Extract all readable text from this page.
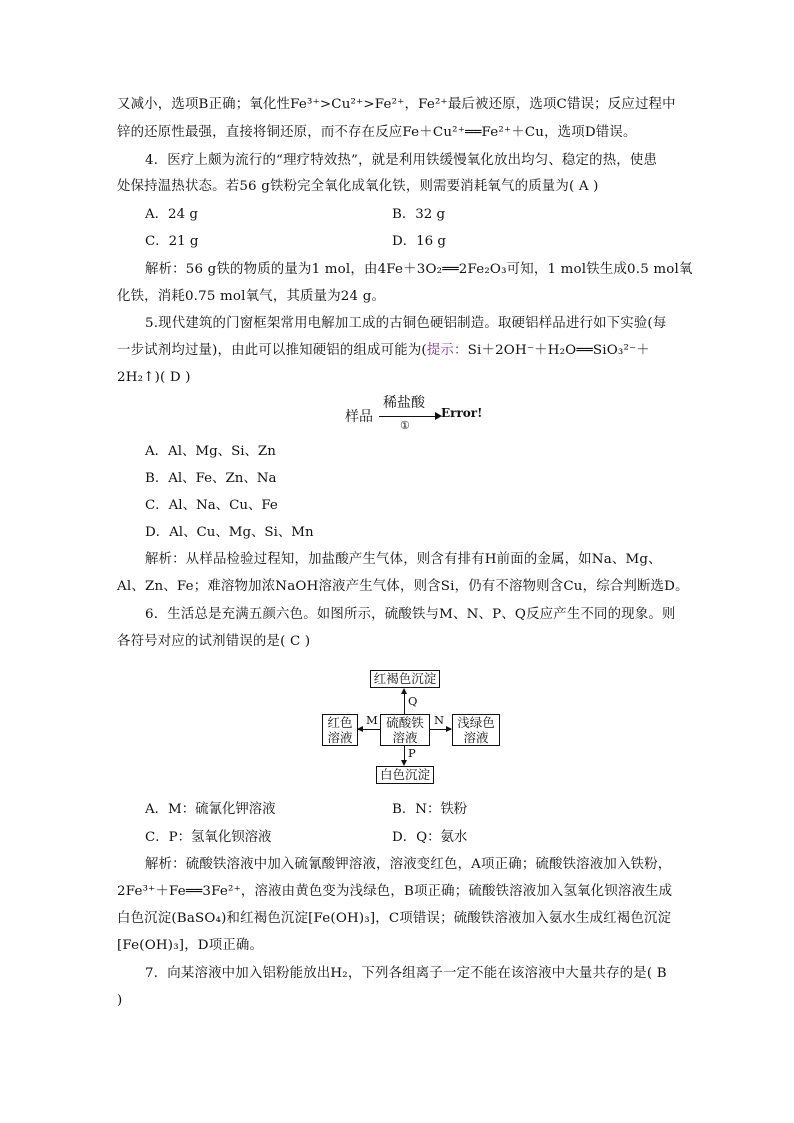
又减小，选项B正确；氧化性Fe³⁺>Cu²⁺>Fe²⁺，Fe²⁺最后被还原，选项C错误；反应过程中
锌的还原性最强，直接将铜还原，而不存在反应Fe＋Cu²⁺══Fe²⁺＋Cu，选项D错误。
4．医疗上颇为流行的“理疗特效热”，就是利用铁缓慢氧化放出均匀、稳定的热，使患
处保持温热状态。若56 g铁粉完全氧化成氧化铁，则需要消耗氧气的质量为( A )
A．24 g	B．32 g
C．21 g	D．16 g
解析：56 g铁的物质的量为1 mol，由4Fe＋3O₂══2Fe₂O₃可知，1 mol铁生成0.5 mol氧
化铁，消耗0.75 mol氧气，其质量为24 g。
5.现代建筑的门窗框架常用电解加工成的古铜色硬铝制造。取硬铝样品进行如下实验(每
一步试剂均过量)，由此可以推知硬铝的组成可能为(提示：Si＋2OH⁻＋H₂O══SiO₃²⁻＋
2H₂↑)( D )
样品
稀盐酸
①
Error!
A．Al、Mg、Si、Zn
B．Al、Fe、Zn、Na
C．Al、Na、Cu、Fe
D．Al、Cu、Mg、Si、Mn
解析：从样品检验过程知，加盐酸产生气体，则含有排有H前面的金属，如Na、Mg、
Al、Zn、Fe；难溶物加浓NaOH溶液产生气体，则含Si，仍有不溶物则含Cu，综合判断选D。
6．生活总是充满五颜六色。如图所示，硫酸铁与M、N、P、Q反应产生不同的现象。则
各符号对应的试剂错误的是( C )
红褐色沉淀
Q
硫酸铁
溶液
红色
溶液
M	浅绿色
溶液
N
P
白色沉淀
A．M：硫氰化钾溶液	B．N：铁粉
C．P：氢氧化钡溶液	D．Q：氨水
解析：硫酸铁溶液中加入硫氰酸钾溶液，溶液变红色，A项正确；硫酸铁溶液加入铁粉，
2Fe³⁺＋Fe══3Fe²⁺，溶液由黄色变为浅绿色，B项正确；硫酸铁溶液加入氢氧化钡溶液生成
白色沉淀(BaSO₄)和红褐色沉淀[Fe(OH)₃]，C项错误；硫酸铁溶液加入氨水生成红褐色沉淀
[Fe(OH)₃]，D项正确。
7．向某溶液中加入铝粉能放出H₂，下列各组离子一定不能在该溶液中大量共存的是( B
)
